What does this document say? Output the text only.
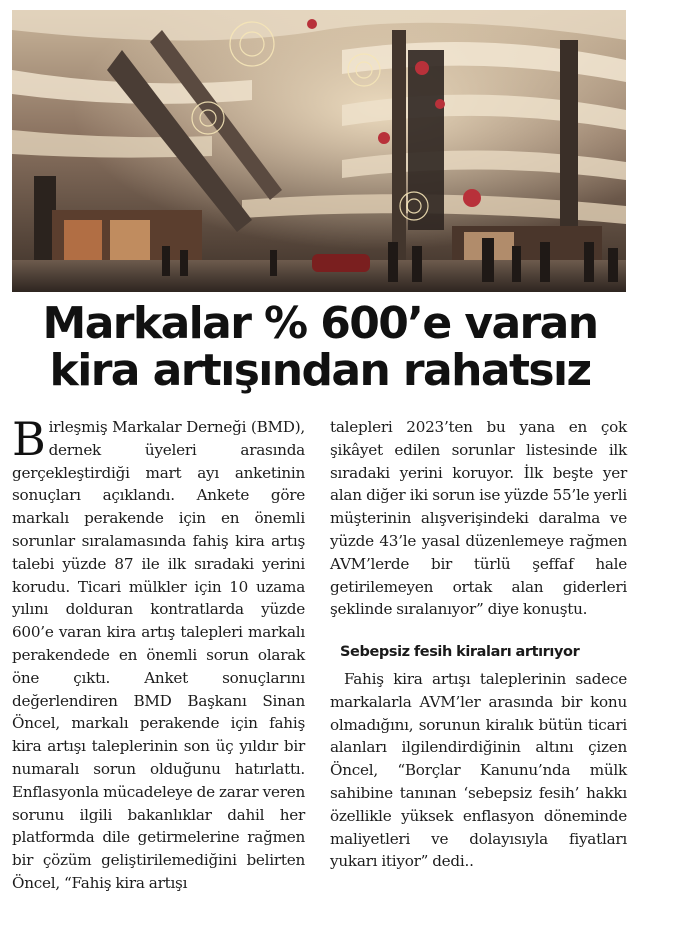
Markalar % 600’e varan
kira artışından rahatsız

Birleşmiş Markalar Derneği (BMD), dernek üyeleri arasında gerçekleştirdiği mart ayı anketinin sonuçları açıklandı. Ankete göre markalı perakende için en önemli sorunlar sıralamasında fahiş kira artış talebi yüzde 87 ile ilk sıradaki yerini korudu. Ticari mülkler için 10 uzama yılını dolduran kontratlarda yüzde 600’e varan kira artış talepleri markalı perakendede en önemli sorun olarak öne çıktı. Anket sonuçlarını değerlendiren BMD Başkanı Sinan Öncel, markalı perakende için fahiş kira artışı taleplerinin son üç yıldır bir numaralı sorun olduğunu hatırlattı. Enflasyonla mücadeleye de zarar veren sorunu ilgili bakanlıklar dahil her platformda dile getirmelerine rağmen bir çözüm geliştirilemediğini belirten Öncel, “Fahiş kira artışı

talepleri 2023’ten bu yana en çok şikâyet edilen sorunlar listesinde ilk sıradaki yerini koruyor. İlk beşte yer alan diğer iki sorun ise yüzde 55’le yerli müşterinin alışverişindeki daralma ve yüzde 43’le yasal düzenlemeye rağmen AVM’lerde bir türlü şeffaf hale getirilemeyen ortak alan giderleri şeklinde sıralanıyor” diye konuştu.

Sebepsiz fesih kiraları artırıyor

Fahiş kira artışı taleplerinin sadece markalarla AVM’ler arasında bir konu olmadığını, sorunun kiralık bütün ticari alanları ilgilendirdiğinin altını çizen Öncel, “Borçlar Kanunu’nda mülk sahibine tanınan ‘sebepsiz fesih’ hakkı özellikle yüksek enflasyon döneminde maliyetleri ve dolayısıyla fiyatları yukarı itiyor” dedi..
